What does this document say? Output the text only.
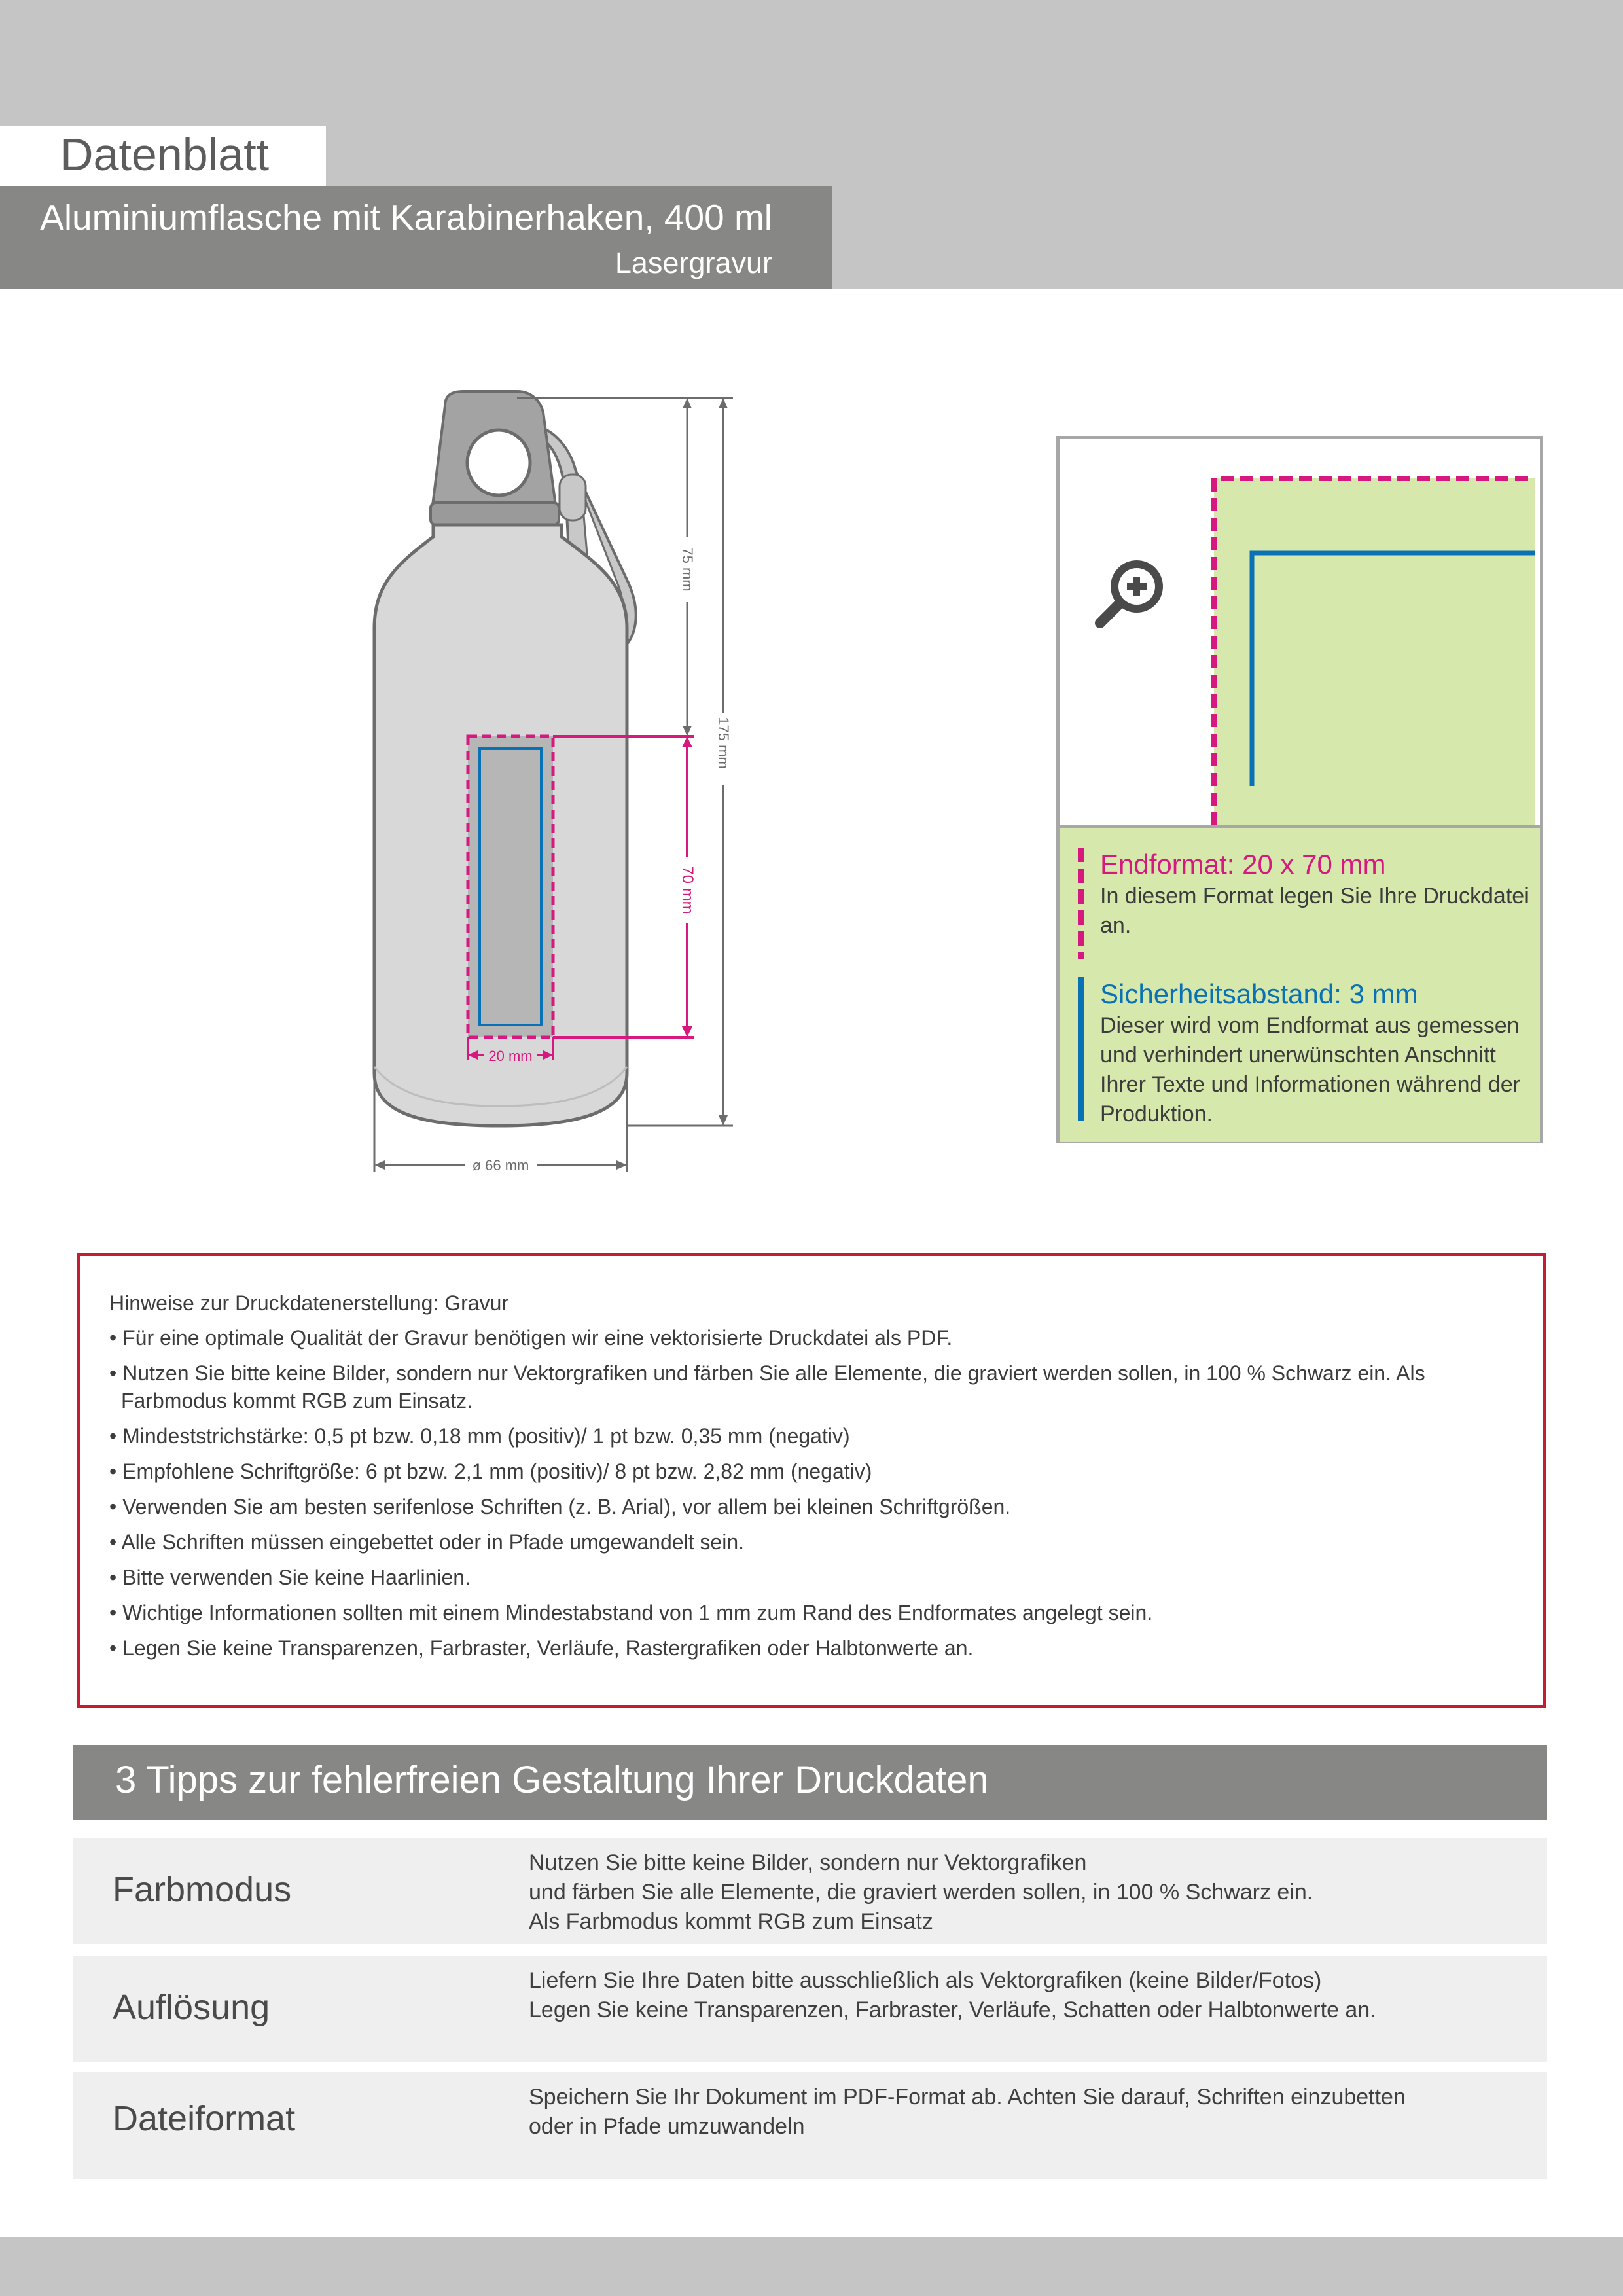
Datenblatt
Aluminiumflasche mit Karabinerhaken, 400 ml
Lasergravur
70 mm
20 mm
75 mm
175 mm
ø 66 mm
Endformat: 20 x 70 mm
In diesem Format legen Sie Ihre Druckdatei an.
Sicherheitsabstand: 3 mm
Dieser wird vom Endformat aus gemessen und verhindert unerwünschten Anschnitt Ihrer Texte und Informationen während der Produktion.
Hinweise zur Druckdatenerstellung: Gravur
• Für eine optimale Qualität der Gravur benötigen wir eine vektorisierte Druckdatei als PDF.
• Nutzen Sie bitte keine Bilder, sondern nur Vektorgrafiken und färben Sie alle Elemente, die graviert werden sollen, in 100 % Schwarz ein. Als Farbmodus kommt RGB zum Einsatz.
• Mindeststrichstärke: 0,5 pt bzw. 0,18 mm (positiv)/ 1 pt bzw. 0,35 mm (negativ)
• Empfohlene Schriftgröße: 6 pt bzw. 2,1 mm (positiv)/ 8 pt bzw. 2,82 mm (negativ)
• Verwenden Sie am besten serifenlose Schriften (z. B. Arial), vor allem bei kleinen Schriftgrößen.
• Alle Schriften müssen eingebettet oder in Pfade umgewandelt sein.
• Bitte verwenden Sie keine Haarlinien.
• Wichtige Informationen sollten mit einem Mindestabstand von 1 mm zum Rand des Endformates angelegt sein.
• Legen Sie keine Transparenzen, Farbraster, Verläufe, Rastergrafiken oder Halbtonwerte an.
3 Tipps zur fehlerfreien Gestaltung Ihrer Druckdaten
Farbmodus
Nutzen Sie bitte keine Bilder, sondern nur Vektorgrafiken
und färben Sie alle Elemente, die graviert werden sollen, in 100 % Schwarz ein.
Als Farbmodus kommt RGB zum Einsatz
Auflösung
Liefern Sie Ihre Daten bitte ausschließlich als Vektorgrafiken (keine Bilder/Fotos)
Legen Sie keine Transparenzen, Farbraster, Verläufe, Schatten oder Halbtonwerte an.
Dateiformat
Speichern Sie Ihr Dokument im PDF-Format ab. Achten Sie darauf, Schriften einzubetten
oder in Pfade umzuwandeln
